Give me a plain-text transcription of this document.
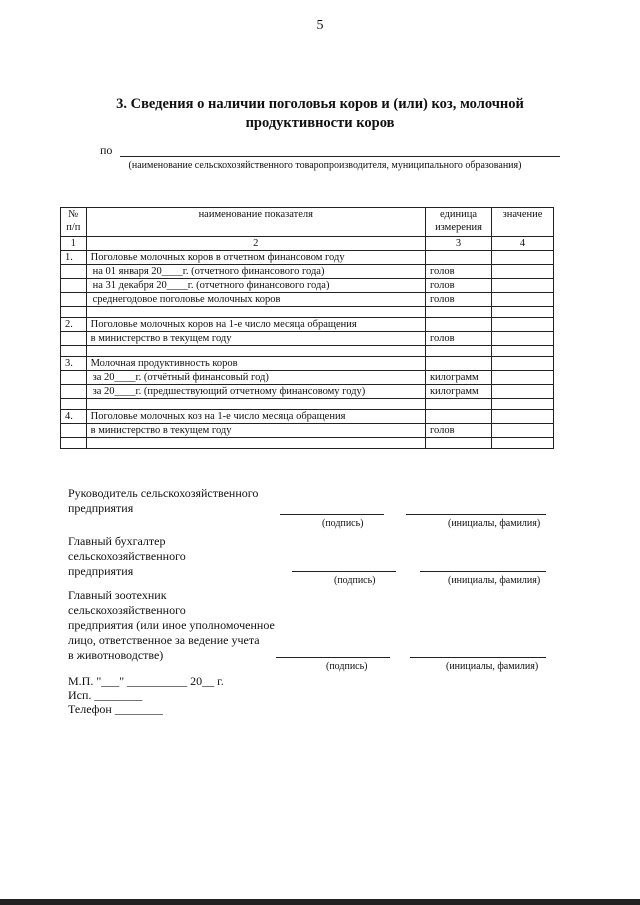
5
3. Сведения о наличии поголовья коров и (или) коз, молочной
продуктивности коров
по
(наименование сельскохозяйственного товаропроизводителя, муниципального образования)
№ п/п	наименование показателя	единица измерения	значение
1	2	3	4
1.	Поголовье молочных коров в отчетном финансовом году		
	на 01 января 20____г. (отчетного финансового года)	голов	
	на 31 декабря 20____г. (отчетного финансового года)	голов	
	среднегодовое поголовье молочных коров	голов	

2.	Поголовье молочных коров на 1-е число месяца обращения		
	в министерство в текущем году	голов	

3.	Молочная продуктивность коров		
	за 20____г. (отчётный финансовый год)	килограмм	
	за 20____г. (предшествующий отчетному финансовому году)	килограмм	

4.	Поголовье молочных коз на 1-е число месяца обращения		
	в министерство в текущем году	голов	

Руководитель сельскохозяйственного
предприятия
(подпись)	(инициалы, фамилия)
Главный бухгалтер
сельскохозяйственного
предприятия
(подпись)	(инициалы, фамилия)
Главный зоотехник
сельскохозяйственного
предприятия (или иное уполномоченное
лицо, ответственное за ведение учета
в животноводстве)
(подпись)	(инициалы, фамилия)
М.П. "___" __________ 20__ г.
Исп. ________
Телефон ________
